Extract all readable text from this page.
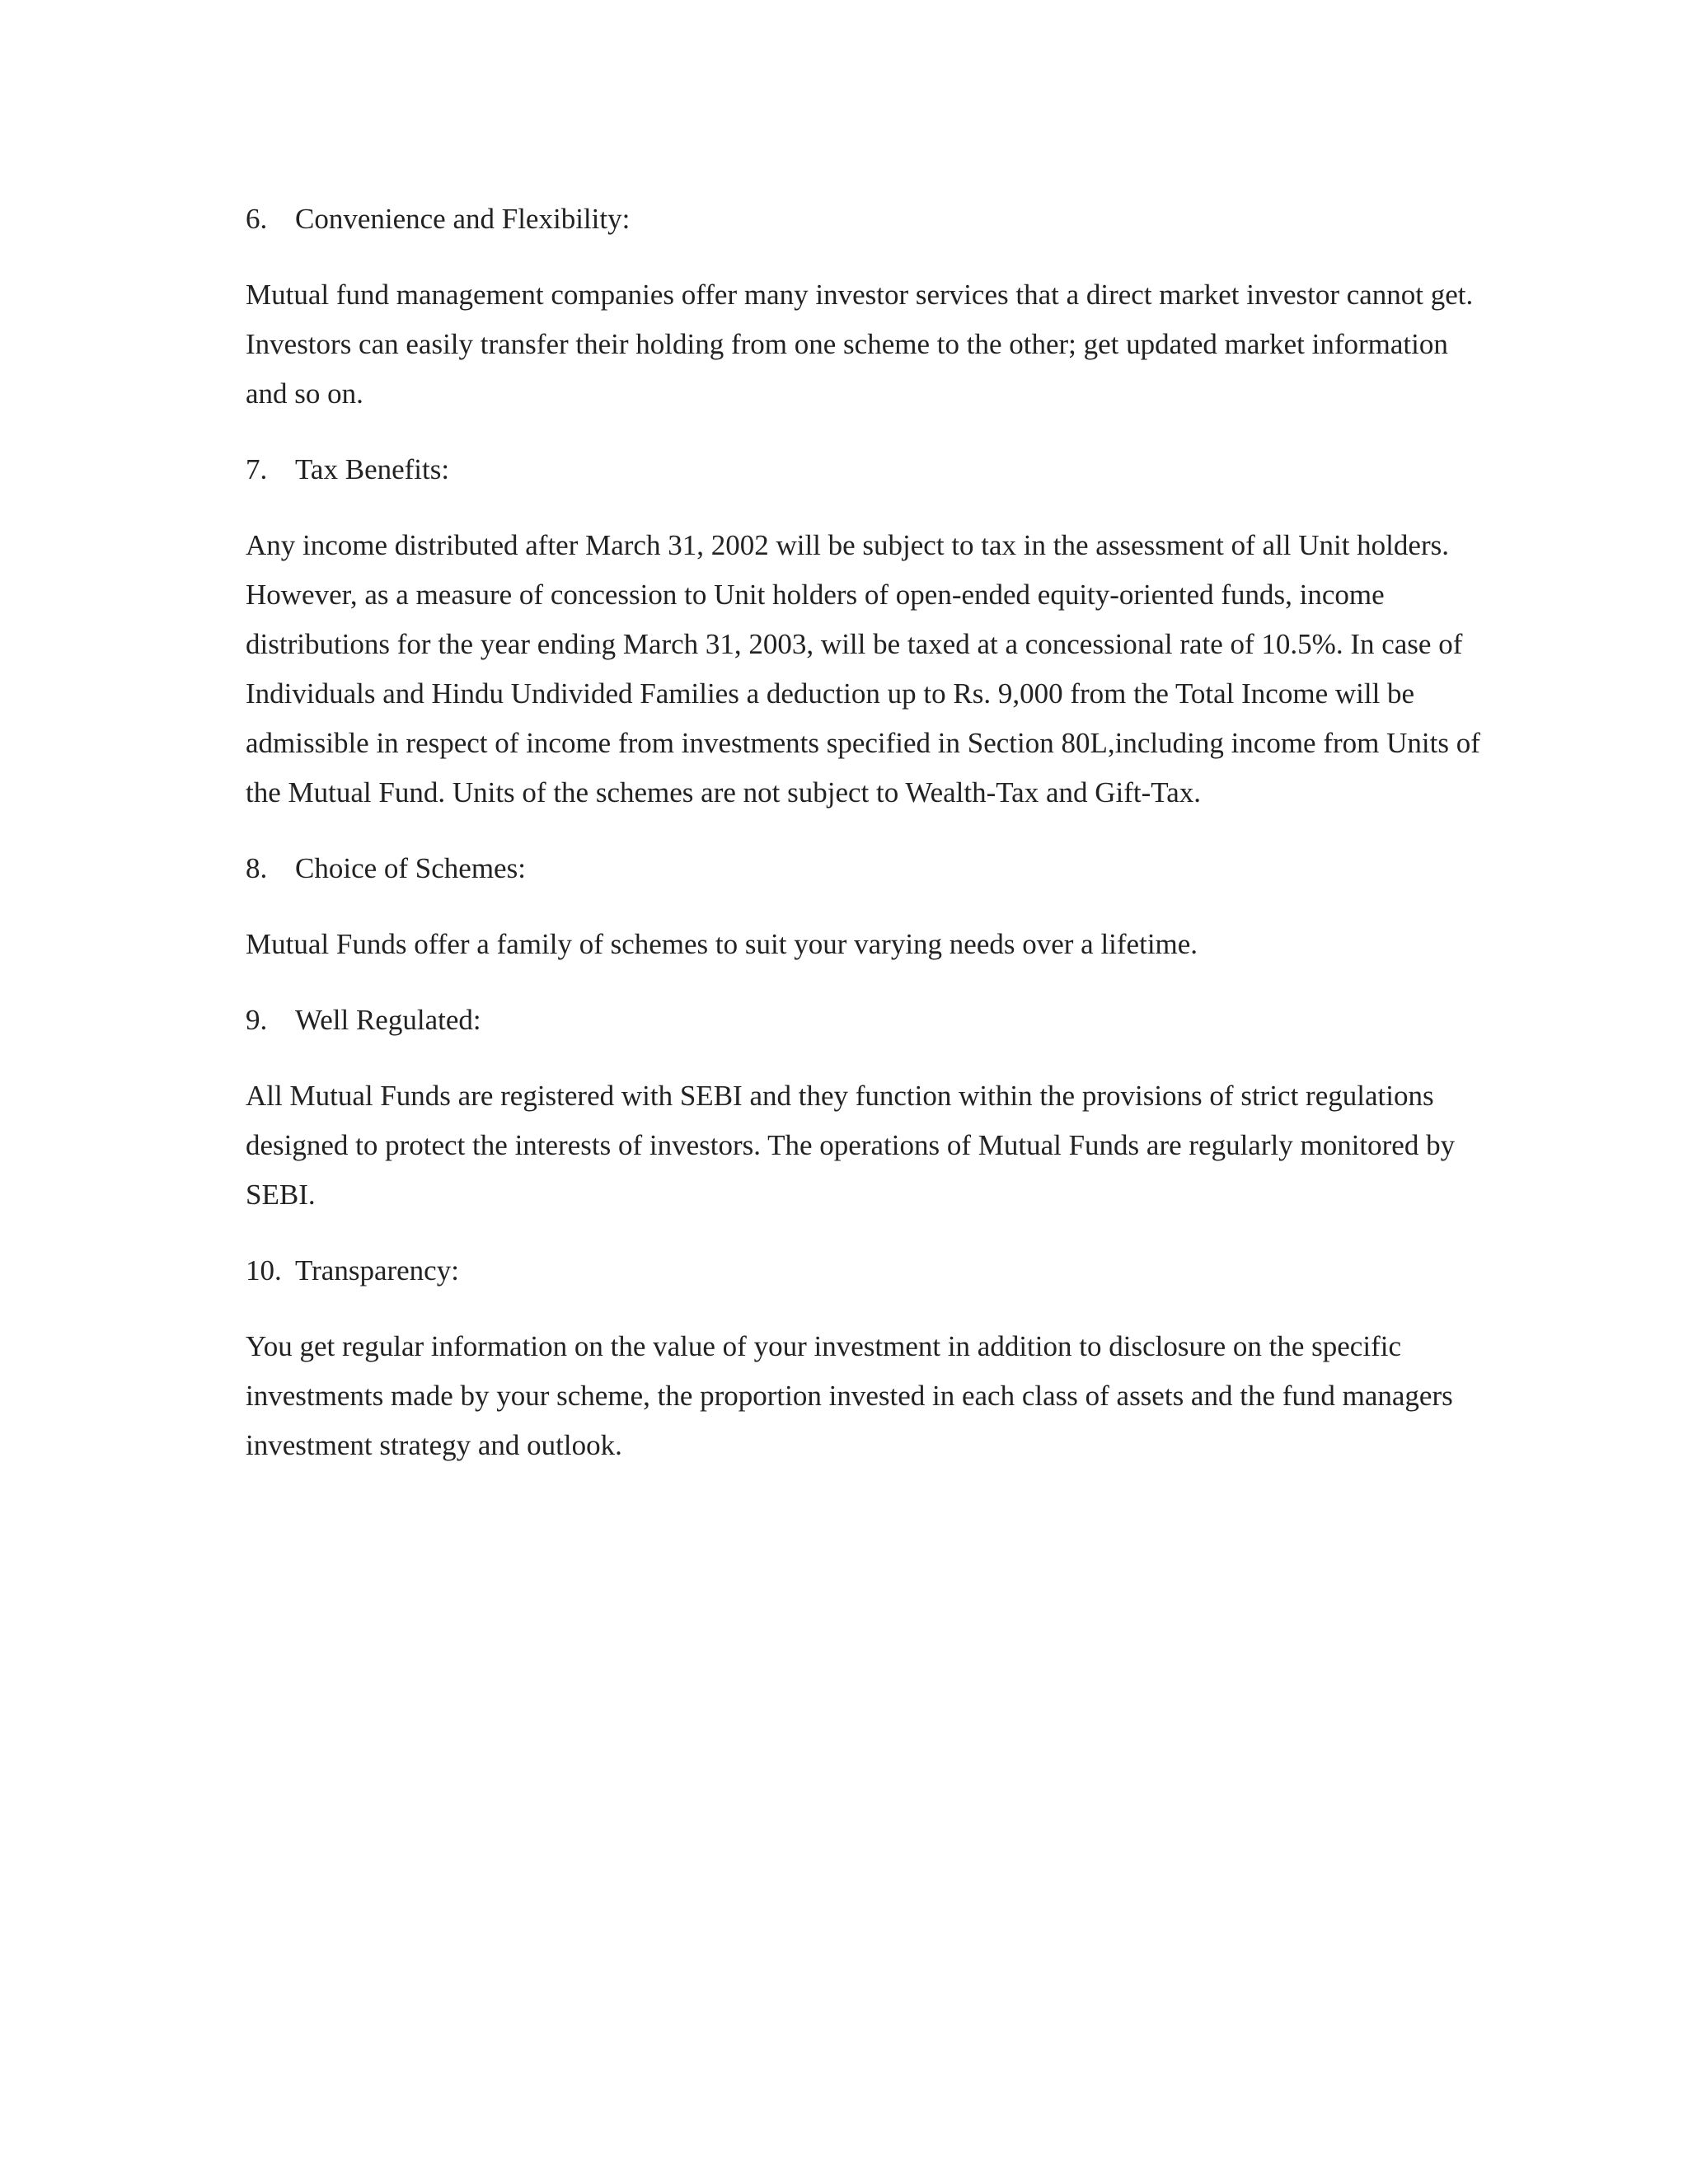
6. Convenience and Flexibility:

Mutual fund management companies offer many investor services that a direct market investor cannot get. Investors can easily transfer their holding from one scheme to the other; get updated market information and so on.

7. Tax Benefits:

Any income distributed after March 31, 2002 will be subject to tax in the assessment of all Unit holders. However, as a measure of concession to Unit holders of open-ended equity-oriented funds, income distributions for the year ending March 31, 2003, will be taxed at a concessional rate of 10.5%. In case of Individuals and Hindu Undivided Families a deduction up to Rs. 9,000 from the Total Income will be admissible in respect of income from investments specified in Section 80L,including income from Units of the Mutual Fund. Units of the schemes are not subject to Wealth-Tax and Gift-Tax.

8. Choice of Schemes:

Mutual Funds offer a family of schemes to suit your varying needs over a lifetime.

9. Well Regulated:

All Mutual Funds are registered with SEBI and they function within the provisions of strict regulations designed to protect the interests of investors. The operations of Mutual Funds are regularly monitored by SEBI.

10. Transparency:

You get regular information on the value of your investment in addition to disclosure on the specific investments made by your scheme, the proportion invested in each class of assets and the fund managers investment strategy and outlook.
